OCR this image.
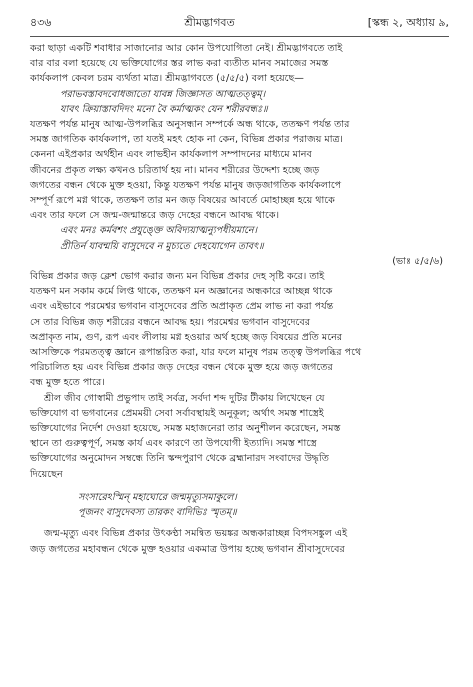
৪৩৬	শ্রীমদ্ভাগবত	[স্কন্ধ ২, অধ্যায় ৯,

করা ছাড়া একটি শবাধার সাজানোর আর কোন উপযোগিতা নেই। শ্রীমদ্ভাগবতে তাই

বার বার বলা হয়েছে যে ভক্তিযোগের স্তর লাভ করা ব্যতীত মানব সমাজের সমস্ত

কার্যকলাপ কেবল চরম ব্যর্থতা মাত্র। শ্রীমদ্ভাগবতে (৫/৫/৫) বলা হয়েছে—

পরাভবস্তাবদবোধজাতো যাবন্ন জিজ্ঞাসত আত্মতত্ত্বম্।

যাবৎ ক্রিয়াস্তাবদিদং মনো বৈ কর্মাত্মকং যেন শরীরবন্ধঃ॥

যতক্ষণ পর্যন্ত মানুষ আত্ম-উপলব্ধির অনুসন্ধান সম্পর্কে অন্ধ থাকে, ততক্ষণ পর্যন্ত তার

সমস্ত জাগতিক কার্যকলাপ, তা যতই মহৎ হোক না কেন, বিভিন্ন প্রকার পরাজয় মাত্র।

কেননা এইপ্রকার অর্থহীন এবং লাভহীন কার্যকলাপ সম্পাদনের মাধ্যমে মানব

জীবনের প্রকৃত লক্ষ্য কখনও চরিতার্থ হয় না। মানব শরীরের উদ্দেশ্য হচ্ছে জড়

জগতের বন্ধন থেকে মুক্ত হওয়া, কিন্তু যতক্ষণ পর্যন্ত মানুষ জড়জাগতিক কার্যকলাপে

সম্পূর্ণ রূপে মগ্ন থাকে, ততক্ষণ তার মন জড় বিষয়ের আবর্তে মোহাচ্ছন্ন হয়ে থাকে

এবং তার ফলে সে জন্ম-জন্মান্তরে জড় দেহের বন্ধনে আবদ্ধ থাকে।

এবং মনঃ কর্মবশং প্রযুঙ্ক্তে অবিদ্যয়াত্মন্যুপধীয়মানে।

প্রীতির্ন যাবন্ময়ি বাসুদেবে ন মুচ্যতে দেহযোগেন তাবৎ॥

(ভাঃ ৫/৫/৬)

বিভিন্ন প্রকার জড় ক্লেশ ভোগ করার জন্য মন বিভিন্ন প্রকার দেহ সৃষ্টি করে। তাই

যতক্ষণ মন সকাম কর্মে লিপ্ত থাকে, ততক্ষণ মন অজ্ঞানের অন্ধকারে আচ্ছন্ন থাকে

এবং এইভাবে পরমেশ্বর ভগবান বাসুদেবের প্রতি অপ্রাকৃত প্রেম লাভ না করা পর্যন্ত

সে তার বিভিন্ন জড় শরীরের বন্ধনে আবদ্ধ হয়। পরমেশ্বর ভগবান বাসুদেবের

অপ্রাকৃত নাম, গুণ, রূপ এবং লীলায় মগ্ন হওয়ার অর্থ হচ্ছে জড় বিষয়ের প্রতি মনের

আসক্তিকে পরমতত্ত্ব জ্ঞানে রূপান্তরিত করা, যার ফলে মানুষ পরম তত্ত্ব উপলব্ধির পথে

পরিচালিত হয় এবং বিভিন্ন প্রকার জড় দেহের বন্ধন থেকে মুক্ত হয়ে জড় জগতের

বন্ধ মুক্ত হতে পারে।

শ্রীল জীব গোস্বামী প্রভুপাদ তাই সর্বত্র, সর্বদা শব্দ দুটির টীকায় লিখেছেন যে

ভক্তিযোগ বা ভগবানের প্রেমময়ী সেবা সর্বাবস্থায়ই অনুকূল; অর্থাৎ সমস্ত শাস্ত্রেই

ভক্তিযোগের নির্দেশ দেওয়া হয়েছে, সমস্ত মহাজনেরা তার অনুশীলন করেছেন, সমস্ত

স্থানে তা গুরুত্বপূর্ণ, সমস্ত কার্য এবং কারণে তা উপযোগী ইত্যাদি। সমস্ত শাস্ত্রে

ভক্তিযোগের অনুমোদন সম্বন্ধে তিনি স্কন্দপুরাণ থেকে ব্রহ্মানারদ সংবাদের উদ্ধৃতি

দিয়েছেন

সংসারেঽস্মিন্ মহাঘোরে জন্মমৃত্যুসমাকুলে।

পূজনং বাসুদেবস্য তারকং বাদিভিঃ স্মৃতম্॥

জন্ম-মৃত্যু এবং বিভিন্ন প্রকার উৎকণ্ঠা সমন্বিত ভয়ঙ্কর অন্ধকারাচ্ছন্ন বিপদসঙ্কুল এই

জড় জগতের মহাবন্ধন থেকে মুক্ত হওয়ার একমাত্র উপায় হচ্ছে ভগবান শ্রীবাসুদেবের
